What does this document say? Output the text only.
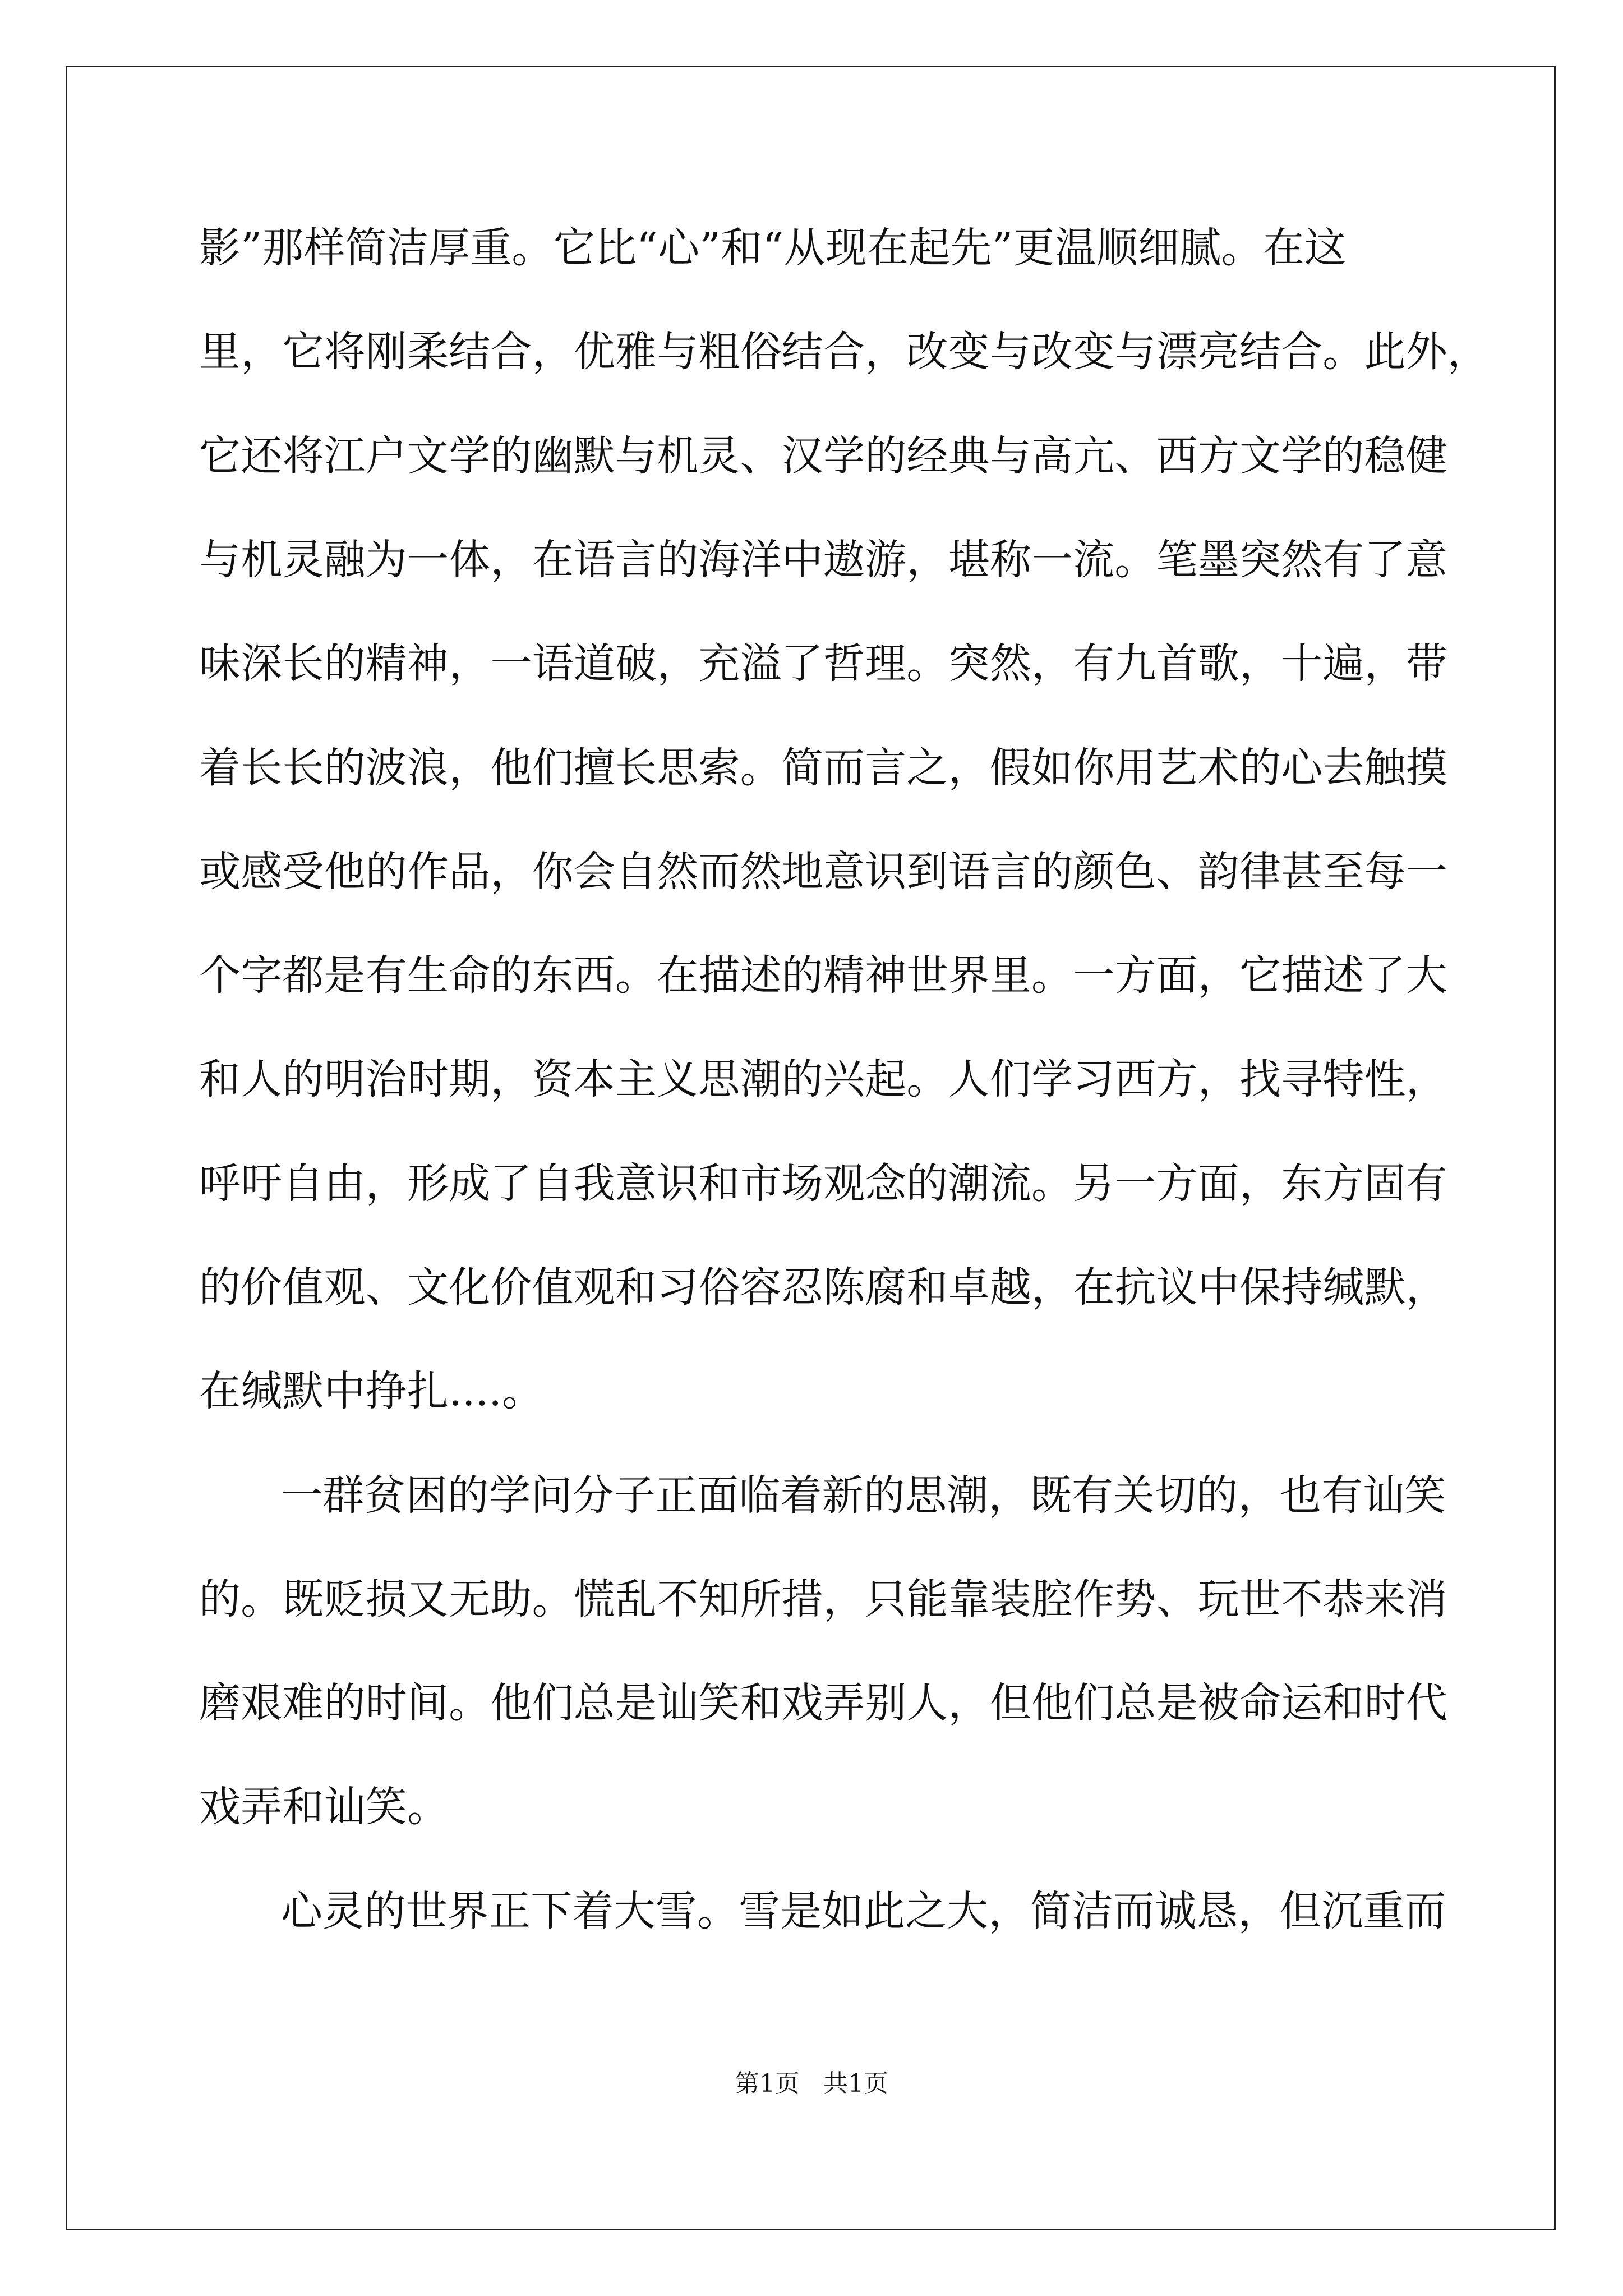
影”那样简洁厚重。它比“心”和“从现在起先”更温顺细腻。在这
里，它将刚柔结合，优雅与粗俗结合，改变与改变与漂亮结合。此外，
它还将江户文学的幽默与机灵、汉学的经典与高亢、西方文学的稳健
与机灵融为一体，在语言的海洋中遨游，堪称一流。笔墨突然有了意
味深长的精神，一语道破，充溢了哲理。突然，有九首歌，十遍，带
着长长的波浪，他们擅长思索。简而言之，假如你用艺术的心去触摸
或感受他的作品，你会自然而然地意识到语言的颜色、韵律甚至每一
个字都是有生命的东西。在描述的精神世界里。一方面，它描述了大
和人的明治时期，资本主义思潮的兴起。人们学习西方，找寻特性，
呼吁自由，形成了自我意识和市场观念的潮流。另一方面，东方固有
的价值观、文化价值观和习俗容忍陈腐和卓越，在抗议中保持缄默，
在缄默中挣扎....。
一群贫困的学问分子正面临着新的思潮，既有关切的，也有讪笑
的。既贬损又无助。慌乱不知所措，只能靠装腔作势、玩世不恭来消
磨艰难的时间。他们总是讪笑和戏弄别人，但他们总是被命运和时代
戏弄和讪笑。
心灵的世界正下着大雪。雪是如此之大，简洁而诚恳，但沉重而
第1页   共1页
